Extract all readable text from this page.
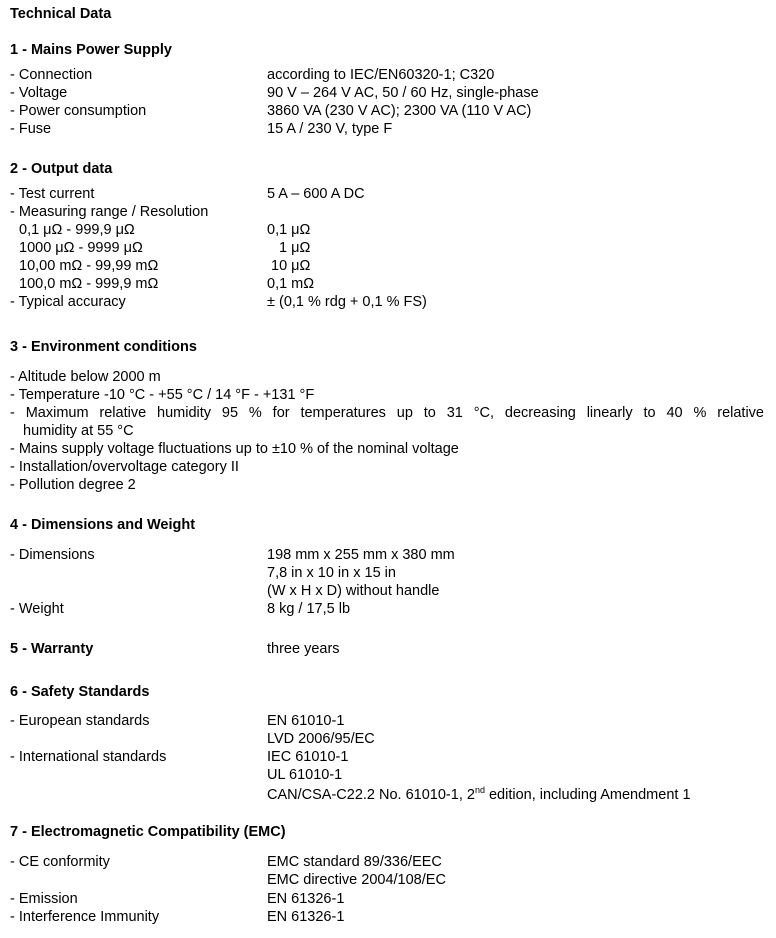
Technical Data
1 - Mains Power Supply
- Connection	according to IEC/EN60320-1; C320
- Voltage	90 V – 264 V AC, 50 / 60 Hz, single-phase
- Power consumption	3860 VA (230 V AC); 2300 VA (110 V AC)
- Fuse	15 A / 230 V, type F
2 - Output data
- Test current	5 A – 600 A DC
- Measuring range / Resolution
0,1 μΩ - 999,9 μΩ	0,1 μΩ
1000 μΩ - 9999 μΩ	1 μΩ
10,00 mΩ - 99,99 mΩ	10 μΩ
100,0 mΩ - 999,9 mΩ	0,1 mΩ
- Typical accuracy	± (0,1 % rdg + 0,1 % FS)
3 - Environment conditions
- Altitude below 2000 m
- Temperature -10 °C - +55 °C / 14 °F - +131 °F
- Maximum relative humidity 95 % for temperatures up to 31 °C, decreasing linearly to 40 % relative
humidity at 55 °C
- Mains supply voltage fluctuations up to ±10 % of the nominal voltage
- Installation/overvoltage category II
- Pollution degree 2
4 - Dimensions and Weight
- Dimensions	198 mm x 255 mm x 380 mm
7,8 in x 10 in x 15 in
(W x H x D) without handle
- Weight	8 kg / 17,5 lb
5 - Warranty	three years
6 - Safety Standards
- European standards	EN 61010-1
LVD 2006/95/EC
- International standards	IEC 61010-1
UL 61010-1
CAN/CSA-C22.2 No. 61010-1, 2nd edition, including Amendment 1
7 - Electromagnetic Compatibility (EMC)
- CE conformity	EMC standard 89/336/EEC
EMC directive 2004/108/EC
- Emission	EN 61326-1
- Interference Immunity	EN 61326-1
